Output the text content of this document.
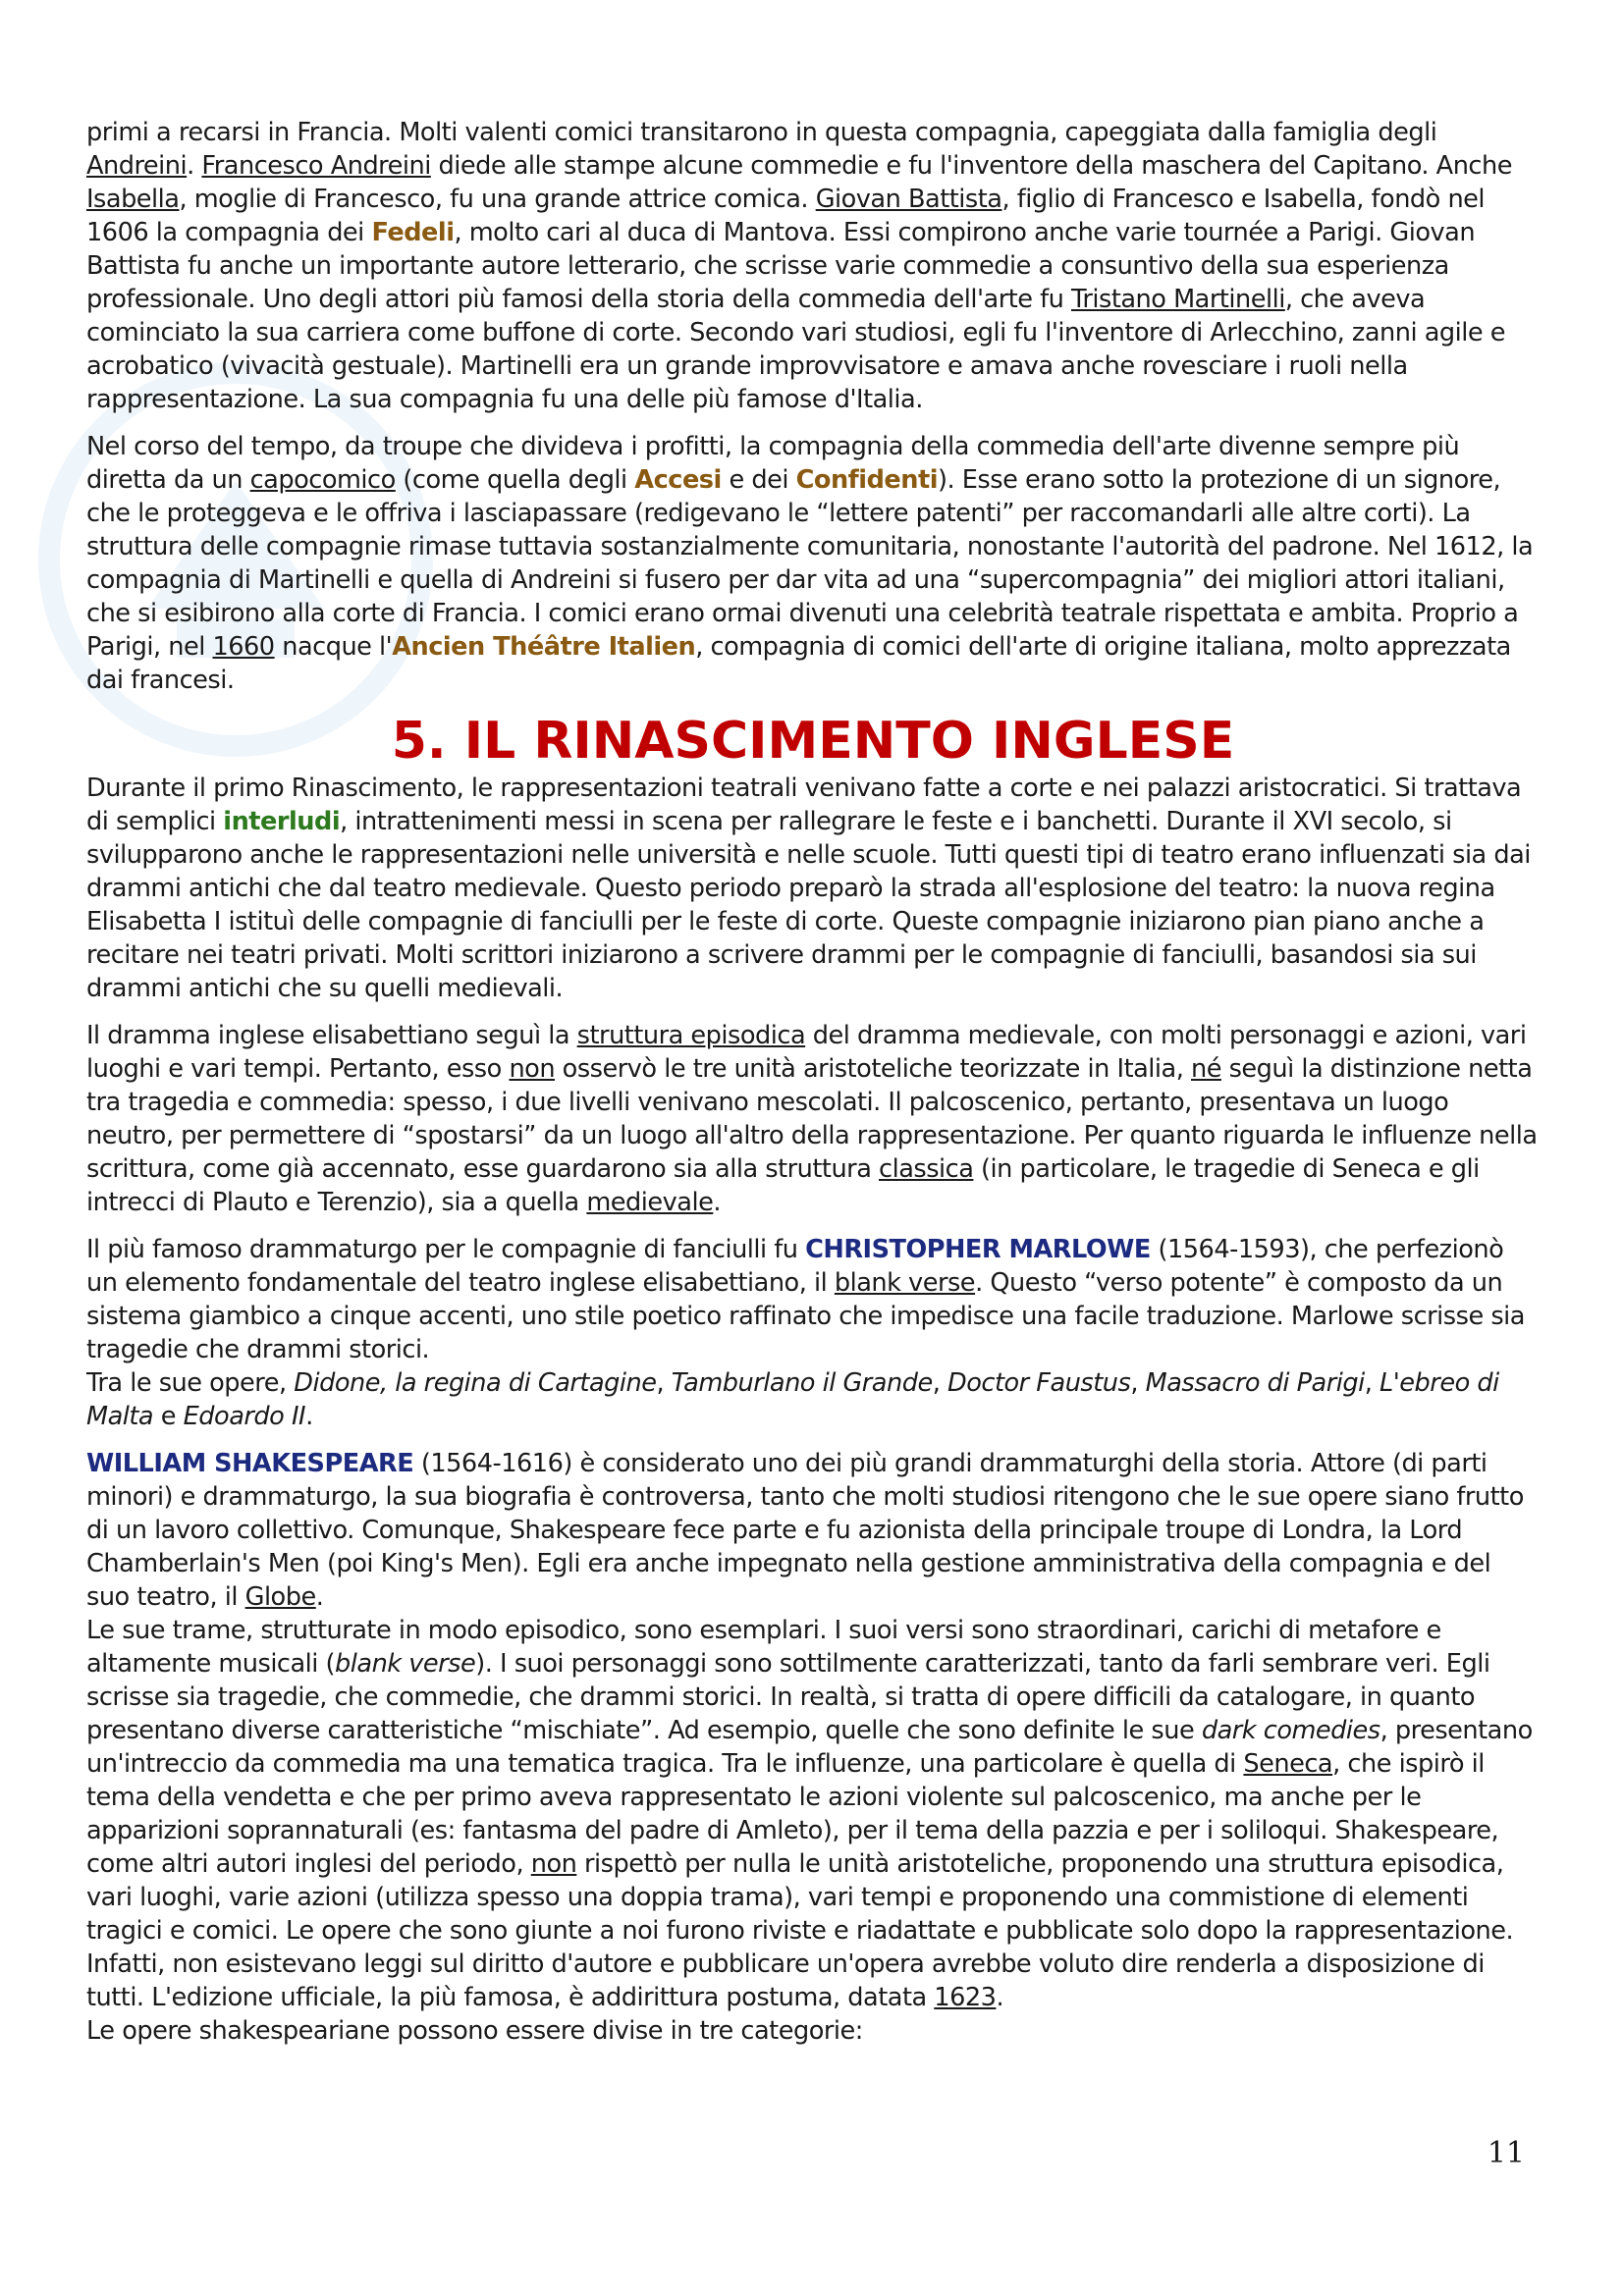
primi a recarsi in Francia. Molti valenti comici transitarono in questa compagnia, capeggiata dalla famiglia degli Andreini. Francesco Andreini diede alle stampe alcune commedie e fu l'inventore della maschera del Capitano. Anche Isabella, moglie di Francesco, fu una grande attrice comica. Giovan Battista, figlio di Francesco e Isabella, fondò nel 1606 la compagnia dei Fedeli, molto cari al duca di Mantova. Essi compirono anche varie tournée a Parigi. Giovan Battista fu anche un importante autore letterario, che scrisse varie commedie a consuntivo della sua esperienza professionale. Uno degli attori più famosi della storia della commedia dell'arte fu Tristano Martinelli, che aveva cominciato la sua carriera come buffone di corte. Secondo vari studiosi, egli fu l'inventore di Arlecchino, zanni agile e acrobatico (vivacità gestuale). Martinelli era un grande improvvisatore e amava anche rovesciare i ruoli nella rappresentazione. La sua compagnia fu una delle più famose d'Italia.

Nel corso del tempo, da troupe che divideva i profitti, la compagnia della commedia dell'arte divenne sempre più diretta da un capocomico (come quella degli Accesi e dei Confidenti). Esse erano sotto la protezione di un signore, che le proteggeva e le offriva i lasciapassare (redigevano le “lettere patenti” per raccomandarli alle altre corti). La struttura delle compagnie rimase tuttavia sostanzialmente comunitaria, nonostante l'autorità del padrone. Nel 1612, la compagnia di Martinelli e quella di Andreini si fusero per dar vita ad una “supercompagnia” dei migliori attori italiani, che si esibirono alla corte di Francia. I comici erano ormai divenuti una celebrità teatrale rispettata e ambita. Proprio a Parigi, nel 1660 nacque l'Ancien Théâtre Italien, compagnia di comici dell'arte di origine italiana, molto apprezzata dai francesi.

5. IL RINASCIMENTO INGLESE

Durante il primo Rinascimento, le rappresentazioni teatrali venivano fatte a corte e nei palazzi aristocratici. Si trattava di semplici interludi, intrattenimenti messi in scena per rallegrare le feste e i banchetti. Durante il XVI secolo, si svilupparono anche le rappresentazioni nelle università e nelle scuole. Tutti questi tipi di teatro erano influenzati sia dai drammi antichi che dal teatro medievale. Questo periodo preparò la strada all'esplosione del teatro: la nuova regina Elisabetta I istituì delle compagnie di fanciulli per le feste di corte. Queste compagnie iniziarono pian piano anche a recitare nei teatri privati. Molti scrittori iniziarono a scrivere drammi per le compagnie di fanciulli, basandosi sia sui drammi antichi che su quelli medievali.

Il dramma inglese elisabettiano seguì la struttura episodica del dramma medievale, con molti personaggi e azioni, vari luoghi e vari tempi. Pertanto, esso non osservò le tre unità aristoteliche teorizzate in Italia, né seguì la distinzione netta tra tragedia e commedia: spesso, i due livelli venivano mescolati. Il palcoscenico, pertanto, presentava un luogo neutro, per permettere di “spostarsi” da un luogo all'altro della rappresentazione. Per quanto riguarda le influenze nella scrittura, come già accennato, esse guardarono sia alla struttura classica (in particolare, le tragedie di Seneca e gli intrecci di Plauto e Terenzio), sia a quella medievale.

Il più famoso drammaturgo per le compagnie di fanciulli fu CHRISTOPHER MARLOWE (1564-1593), che perfezionò un elemento fondamentale del teatro inglese elisabettiano, il blank verse. Questo “verso potente” è composto da un sistema giambico a cinque accenti, uno stile poetico raffinato che impedisce una facile traduzione. Marlowe scrisse sia tragedie che drammi storici.

Tra le sue opere, Didone, la regina di Cartagine, Tamburlano il Grande, Doctor Faustus, Massacro di Parigi, L'ebreo di Malta e Edoardo II.

WILLIAM SHAKESPEARE (1564-1616) è considerato uno dei più grandi drammaturghi della storia. Attore (di parti minori) e drammaturgo, la sua biografia è controversa, tanto che molti studiosi ritengono che le sue opere siano frutto di un lavoro collettivo. Comunque, Shakespeare fece parte e fu azionista della principale troupe di Londra, la Lord Chamberlain's Men (poi King's Men). Egli era anche impegnato nella gestione amministrativa della compagnia e del suo teatro, il Globe.

Le sue trame, strutturate in modo episodico, sono esemplari. I suoi versi sono straordinari, carichi di metafore e altamente musicali (blank verse). I suoi personaggi sono sottilmente caratterizzati, tanto da farli sembrare veri. Egli scrisse sia tragedie, che commedie, che drammi storici. In realtà, si tratta di opere difficili da catalogare, in quanto presentano diverse caratteristiche “mischiate”. Ad esempio, quelle che sono definite le sue dark comedies, presentano un'intreccio da commedia ma una tematica tragica. Tra le influenze, una particolare è quella di Seneca, che ispirò il tema della vendetta e che per primo aveva rappresentato le azioni violente sul palcoscenico, ma anche per le apparizioni soprannaturali (es: fantasma del padre di Amleto), per il tema della pazzia e per i soliloqui. Shakespeare, come altri autori inglesi del periodo, non rispettò per nulla le unità aristoteliche, proponendo una struttura episodica, vari luoghi, varie azioni (utilizza spesso una doppia trama), vari tempi e proponendo una commistione di elementi tragici e comici. Le opere che sono giunte a noi furono riviste e riadattate e pubblicate solo dopo la rappresentazione. Infatti, non esistevano leggi sul diritto d'autore e pubblicare un'opera avrebbe voluto dire renderla a disposizione di tutti. L'edizione ufficiale, la più famosa, è addirittura postuma, datata 1623.

Le opere shakespeariane possono essere divise in tre categorie:

11
